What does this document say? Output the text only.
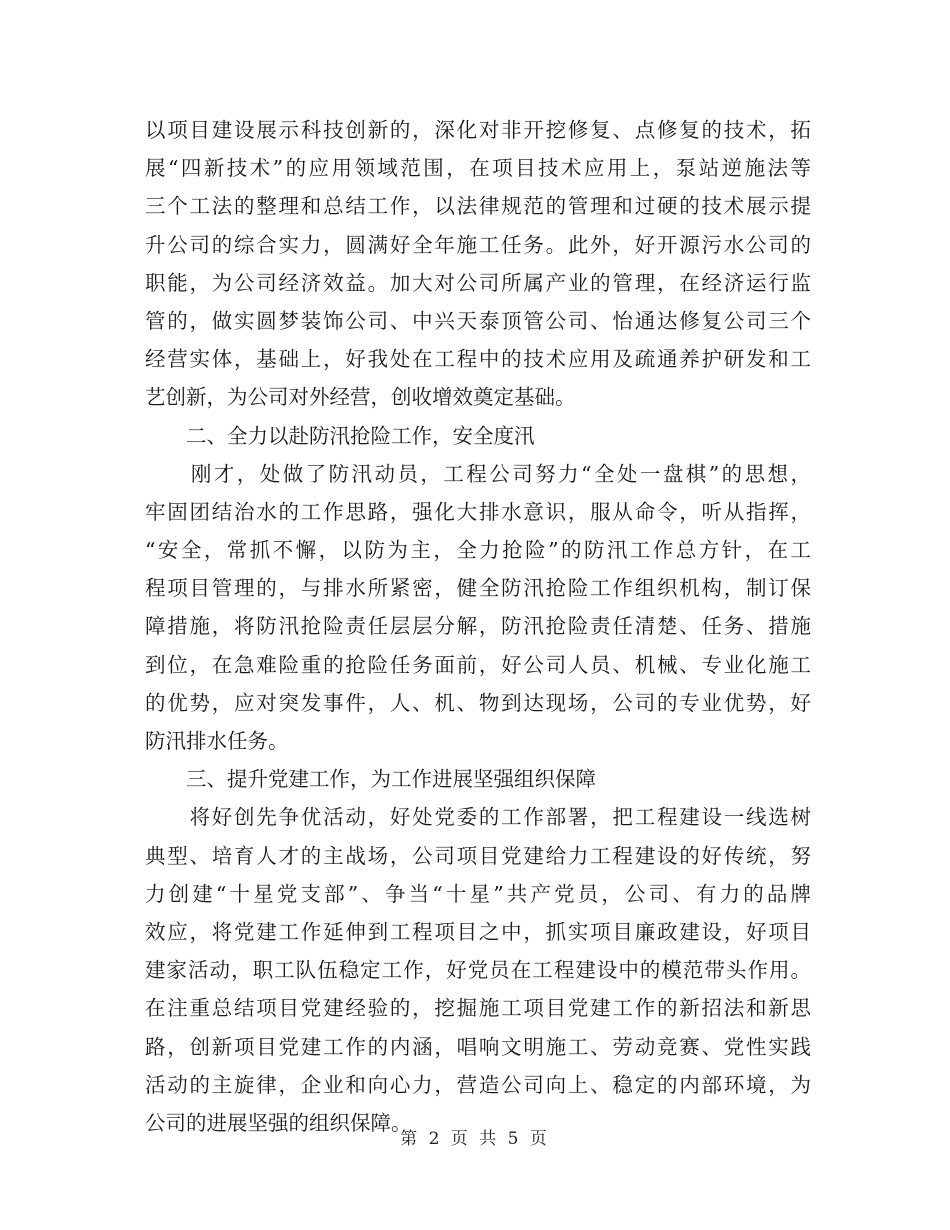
以项目建设展示科技创新的，深化对非开挖修复、点修复的技术，拓
展“四新技术”的应用领域范围，在项目技术应用上，泵站逆施法等
三个工法的整理和总结工作，以法律规范的管理和过硬的技术展示提
升公司的综合实力，圆满好全年施工任务。此外，好开源污水公司的
职能，为公司经济效益。加大对公司所属产业的管理，在经济运行监
管的，做实圆梦装饰公司、中兴天泰顶管公司、怡通达修复公司三个
经营实体，基础上，好我处在工程中的技术应用及疏通养护研发和工
艺创新，为公司对外经营，创收增效奠定基础。
　　二、全力以赴防汛抢险工作，安全度汛
　　刚才，处做了防汛动员，工程公司努力“全处一盘棋”的思想，
牢固团结治水的工作思路，强化大排水意识，服从命令，听从指挥，
“安全，常抓不懈，以防为主，全力抢险”的防汛工作总方针，在工
程项目管理的，与排水所紧密，健全防汛抢险工作组织机构，制订保
障措施，将防汛抢险责任层层分解，防汛抢险责任清楚、任务、措施
到位，在急难险重的抢险任务面前，好公司人员、机械、专业化施工
的优势，应对突发事件，人、机、物到达现场，公司的专业优势，好
防汛排水任务。
　　三、提升党建工作，为工作进展坚强组织保障
　　将好创先争优活动，好处党委的工作部署，把工程建设一线选树
典型、培育人才的主战场，公司项目党建给力工程建设的好传统，努
力创建“十星党支部”、争当“十星”共产党员，公司、有力的品牌
效应，将党建工作延伸到工程项目之中，抓实项目廉政建设，好项目
建家活动，职工队伍稳定工作，好党员在工程建设中的模范带头作用。
在注重总结项目党建经验的，挖掘施工项目党建工作的新招法和新思
路，创新项目党建工作的内涵，唱响文明施工、劳动竞赛、党性实践
活动的主旋律，企业和向心力，营造公司向上、稳定的内部环境，为
公司的进展坚强的组织保障。
第 2 页 共 5 页
